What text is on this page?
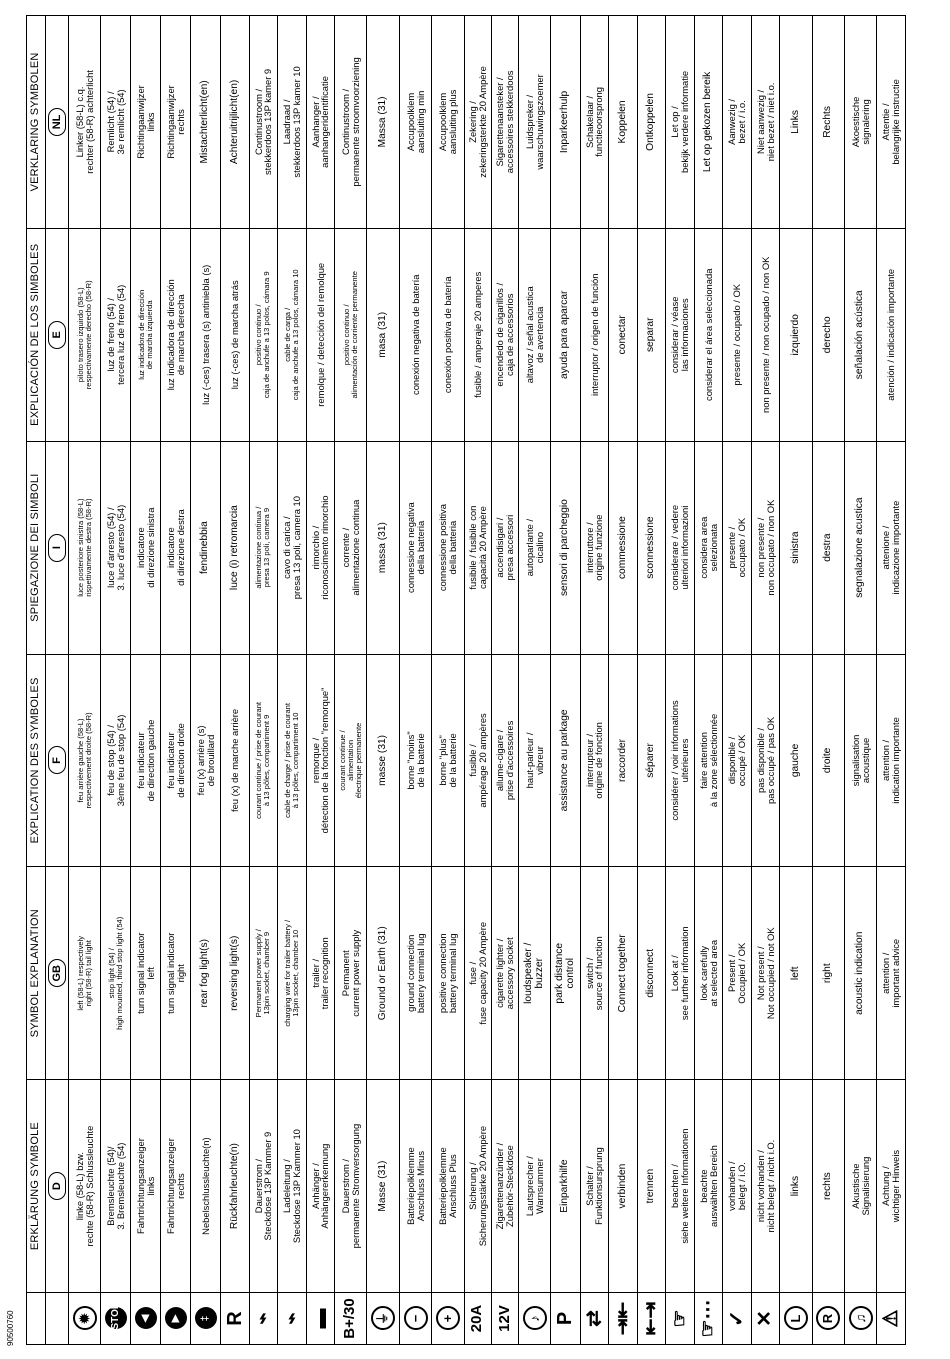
	ERKLÄRUNG SYMBOLE	SYMBOL EXPLANATION	EXPLICATION DES SYMBOLES	SPIEGAZIONE DEI SIMBOLI	EXPLICACIÓN DE LOS SIMBOLES	VERKLARING SYMBOLEN
	D	GB	F	I	E	NL
✹	linke (58-L) bzw.
rechte (58-R) Schlussleuchte	left (58-L) respectively
right (58-R) tail light	feu arrière gauche (58-L)
respectivement droite (58-R)	luce posteriore sinistra (58-L)
rispettivamente destra (58-R)	piloto trasero izquirdo (58-L)
respectivamente derecho (58-R)	Linker (58-L) c.q.
rechter (58-R) achterlicht
STOP	Bremsleuchte (54)/
3. Bremsleuchte (54)	stop light (54) /
high mounted, third stop light (54)	feu de stop (54) /
3ème feu de stop (54)	luce d'arresto (54) /
3. luce d'arresto (54)	luz de freno (54) /
tercera luz de freno (54)	Remlicht (54) /
3e remlicht (54)
◀	Fahrtrichtungsanzeiger
links	turn signal indicator
left	feu indicateur
de direction gauche	indicatore
di direzione sinistra	luz indicadora de dirección
de marcha izquierda	Richtingaanwijzer
links
▶	Fahrtrichtungsanzeiger
rechts	turn signal indicator
right	feu indicateur
de direction droite	indicatore
di direzione destra	luz indicadora de dirección
de marcha derecha	Richtingaanwijzer
rechts
‡	Nebelschlussleuchte(n)	rear fog light(s)	feu (x) arrière (s)
de brouillard	fendinebbia	luz (-ces) trasera (s) antiniebla (s)	Mistachterlicht(en)
R	Rückfahrleuchte(n)	reversing light(s)	feu (x) de marche arrière	luce (i) retromarcia	luz (-ces) de marcha atrás	Achteruitrijlicht(en)
⌁	Dauerstrom /
Steckdose 13P Kammer 9	Permanent power supply /
13pin socket, chamber 9	courant continue / prise de courant
à 13 pôles, compartiment 9	alimentazione continua /
presa 13 poli, camera 9	positivo continuo /
caja de anchufe a 13 polos, cámara 9	Continustroom /
stekkerdoos 13P kamer 9
⌁	Ladeleitung /
Steckdose 13P Kammer 10	charging wire for trailer battery /
13pin socket, chamber 10	cable de charge / prise de courant
à 13 pôles, compartiment 10	cavo di carica /
presa 13 poli, camera 10	cable de carga /
caja de anchufe a 13 polos, cámara 10	Laadraad /
stekkerdoos 13P kamer 10
▬	Anhänger /
Anhängererkennung	trailer /
trailer recognition	remorque /
détection de la fonction "remorque"	rimorchio /
riconoscimento rimorchio	remolque / detección del remolque	Aanhanger /
aanhangeridentificatie
B+/30	Dauerstrom /
permanente Stromversorgung	Permanent
current power supply	courant continue /
alimentation
électrique permanente	corrente /
alimentazione continua	positivo continuo /
alimentación de corriente permanente	Continustroom /
permanente stroomvoorziening
⏚	Masse (31)	Ground or Earth (31)	masse (31)	massa (31)	masa (31)	Massa (31)
−	Batteriepolklemme
Anschluss Minus	ground connection
battery terminal lug	borne "moins"
de la batterie	connessione negativa
della batteria	conexión negativa de batería	Accupoolklem
aansluiting min
+	Batteriepolklemme
Anschluss Plus	positive connection
battery terminal lug	borne "plus"
de la batterie	connessione positiva
della batteria	conexión positiva de batería	Accupoolklem
aansluiting plus
20A	Sicherung /
Sicherungsstärke 20 Ampère	fuse /
fuse capacity 20 Ampère	fusible /
ampérage 20 ampères	fusibile / fusibile con
capacità 20 Ampère	fusible / amperaje 20 amperes	Zekering /
zekeringsterkte 20 Ampère
12V	Zigarettenanzünder /
Zubehör-Steckdose	cigarette lighter /
accessory socket	allume-cigare /
prise d'accessoires	accendisigari /
presa accessori	encendedo de cigarillos /
caja de accessorios	Sigarettenaansteker /
accessoires stekkerdoos
♪	Lautsprecher /
Warnsummer	loudspeaker /
buzzer	haut-parleur /
vibreur	autoparlante /
cicalino	altavoz / señal acustica
de avertencia	Luidspreker /
waarschuwingszoemer
P	Einparkhilfe	park distance
control	assistance au parkage	sensori di parcheggio	ayuda para aparcar	Inparkeerhulp
⇄	Schalter /
Funktionsursprung	switch /
source of function	interrupteur /
origine de fonction	interruttore /
origine funzione	interruptor / origen de función	Schakelaar /
functieoorsprong
⇥⇤	verbinden	Connect together	raccorder	commessione	conectar	Koppelen
⇤⇥	trennen	disconnect	séparer	sconnessione	separar	Ontkoppelen
☞	beachten /
siehe weitere Informationen	Look at /
see further information	considérer / voir informations
ultérieures	considerare / vedere
ulteriori informazioni	considerar / véase
las informaciones	Let op /
bekijk verdere informatie
☞⋯	beachte
auswählten Bereich	look carefully
at selected area	faire attention
à la zone sélectionnée	considera area
selezionata	considerar el área seleccionada	Let op gekozen bereik
✓	vorhanden /
belegt / i.O.	Present /
Occupied / OK	disponible /
occupé / OK	presente /
occupato / OK	presente / ocupado / OK	Aanwezig /
bezet / i.o.
✕	nicht vorhanden /
nicht belegt / nicht i.O.	Not present /
Not occupied / not OK	pas disponible /
pas occupé / pas OK	non presente /
non occupato / non OK	non presente / non ocupado / non OK	Niet aanwezig /
niet bezet / niet i.o.
L	links	left	gauche	sinistra	izquierdo	Links
R	rechts	right	droite	destra	derecho	Rechts
♫	Akustische
Signalisierung	acoustic indication	signalisation
acoustique	segnalazione acustica	señalación acústica	Akoestische
signalering
⚠	Achtung /
wichtiger Hinweis	attention /
important advice	attention /
indication importante	attenione /
indicazione importante	atención / indicación importante	Attentie /
belangrijke instructie
90500760
